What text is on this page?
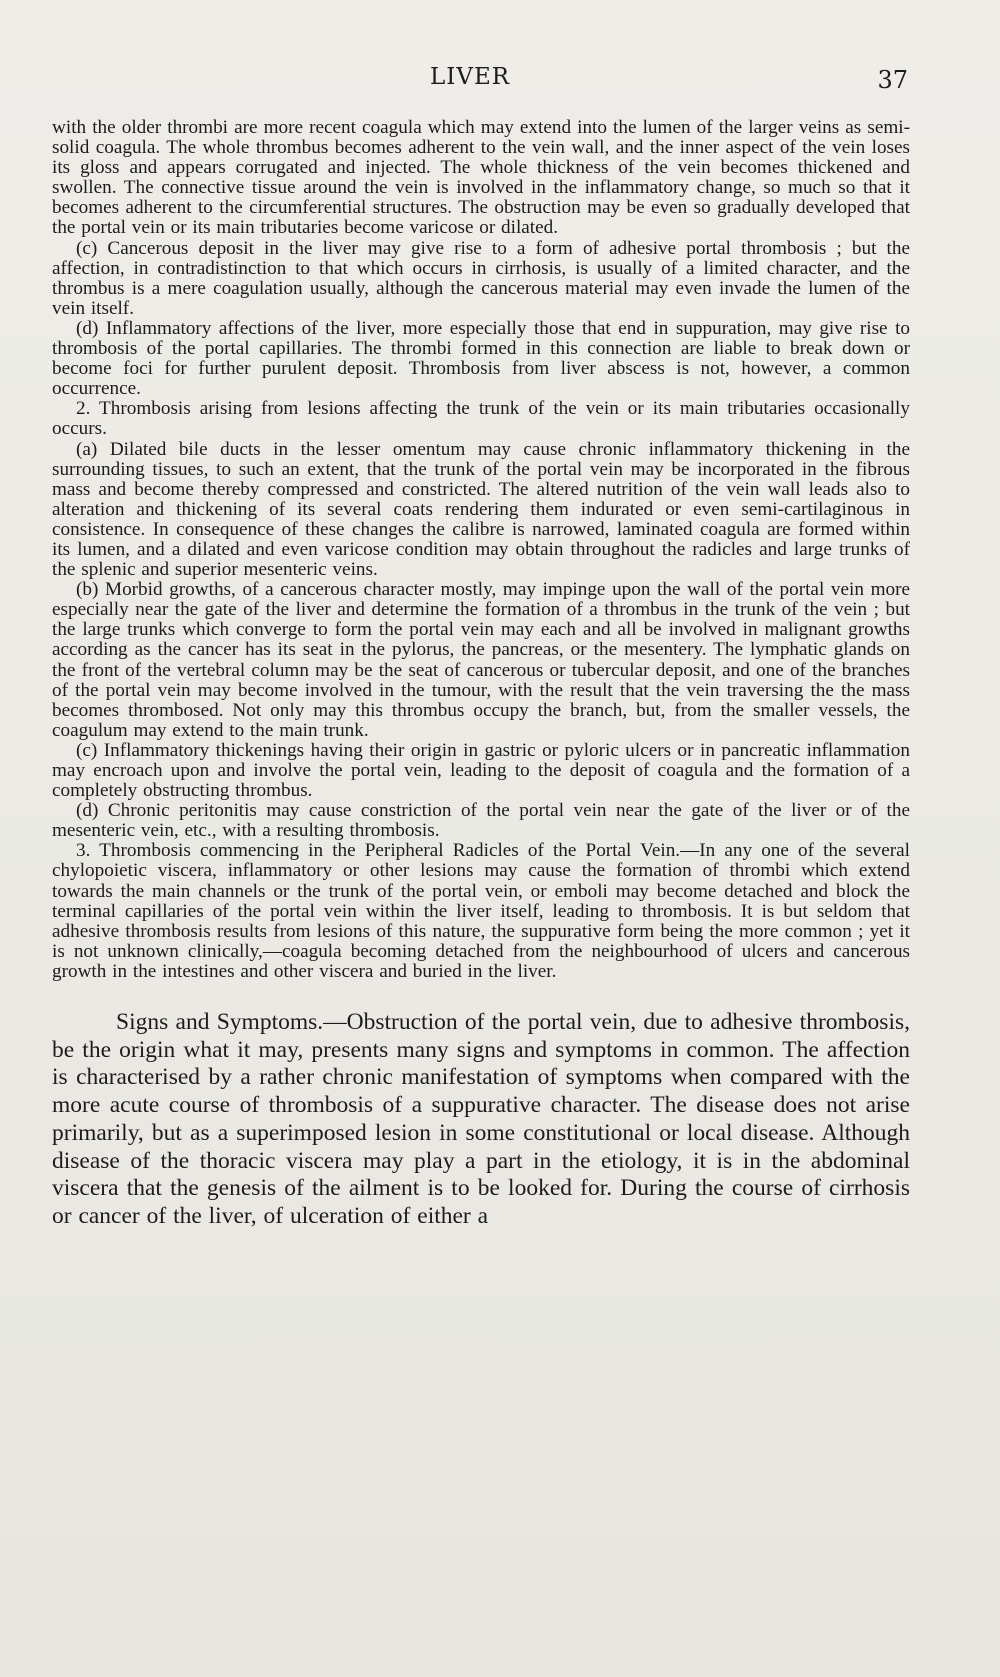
LIVER	37

with the older thrombi are more recent coagula which may extend into the lumen of the larger veins as semi-solid coagula. The whole thrombus becomes adherent to the vein wall, and the inner aspect of the vein loses its gloss and appears corrugated and injected. The whole thickness of the vein becomes thickened and swollen. The connective tissue around the vein is involved in the inflammatory change, so much so that it becomes adherent to the circumferential structures. The obstruction may be even so gradually developed that the portal vein or its main tributaries become varicose or dilated.

(c) Cancerous deposit in the liver may give rise to a form of adhesive portal thrombosis ; but the affection, in contradistinction to that which occurs in cirrhosis, is usually of a limited character, and the thrombus is a mere coagulation usually, although the cancerous material may even invade the lumen of the vein itself.

(d) Inflammatory affections of the liver, more especially those that end in suppuration, may give rise to thrombosis of the portal capillaries. The thrombi formed in this connection are liable to break down or become foci for further purulent deposit. Thrombosis from liver abscess is not, however, a common occurrence.

2. Thrombosis arising from lesions affecting the trunk of the vein or its main tributaries occasionally occurs.

(a) Dilated bile ducts in the lesser omentum may cause chronic inflammatory thickening in the surrounding tissues, to such an extent, that the trunk of the portal vein may be incorporated in the fibrous mass and become thereby compressed and constricted. The altered nutrition of the vein wall leads also to alteration and thickening of its several coats rendering them indurated or even semi-cartilaginous in consistence. In consequence of these changes the calibre is narrowed, laminated coagula are formed within its lumen, and a dilated and even varicose condition may obtain throughout the radicles and large trunks of the splenic and superior mesenteric veins.

(b) Morbid growths, of a cancerous character mostly, may impinge upon the wall of the portal vein more especially near the gate of the liver and determine the formation of a thrombus in the trunk of the vein ; but the large trunks which converge to form the portal vein may each and all be involved in malignant growths according as the cancer has its seat in the pylorus, the pancreas, or the mesentery. The lymphatic glands on the front of the vertebral column may be the seat of cancerous or tubercular deposit, and one of the branches of the portal vein may become involved in the tumour, with the result that the vein traversing the the mass becomes thrombosed. Not only may this thrombus occupy the branch, but, from the smaller vessels, the coagulum may extend to the main trunk.

(c) Inflammatory thickenings having their origin in gastric or pyloric ulcers or in pancreatic inflammation may encroach upon and involve the portal vein, leading to the deposit of coagula and the formation of a completely obstructing thrombus.

(d) Chronic peritonitis may cause constriction of the portal vein near the gate of the liver or of the mesenteric vein, etc., with a resulting thrombosis.

3. Thrombosis commencing in the Peripheral Radicles of the Portal Vein.—In any one of the several chylopoietic viscera, inflammatory or other lesions may cause the formation of thrombi which extend towards the main channels or the trunk of the portal vein, or emboli may become detached and block the terminal capillaries of the portal vein within the liver itself, leading to thrombosis. It is but seldom that adhesive thrombosis results from lesions of this nature, the suppurative form being the more common ; yet it is not unknown clinically,—coagula becoming detached from the neighbourhood of ulcers and cancerous growth in the intestines and other viscera and buried in the liver.

Signs and Symptoms.—Obstruction of the portal vein, due to adhesive thrombosis, be the origin what it may, presents many signs and symptoms in common. The affection is characterised by a rather chronic manifestation of symptoms when compared with the more acute course of thrombosis of a suppurative character. The disease does not arise primarily, but as a superimposed lesion in some constitutional or local disease. Although disease of the thoracic viscera may play a part in the etiology, it is in the abdominal viscera that the genesis of the ailment is to be looked for. During the course of cirrhosis or cancer of the liver, of ulceration of either a
